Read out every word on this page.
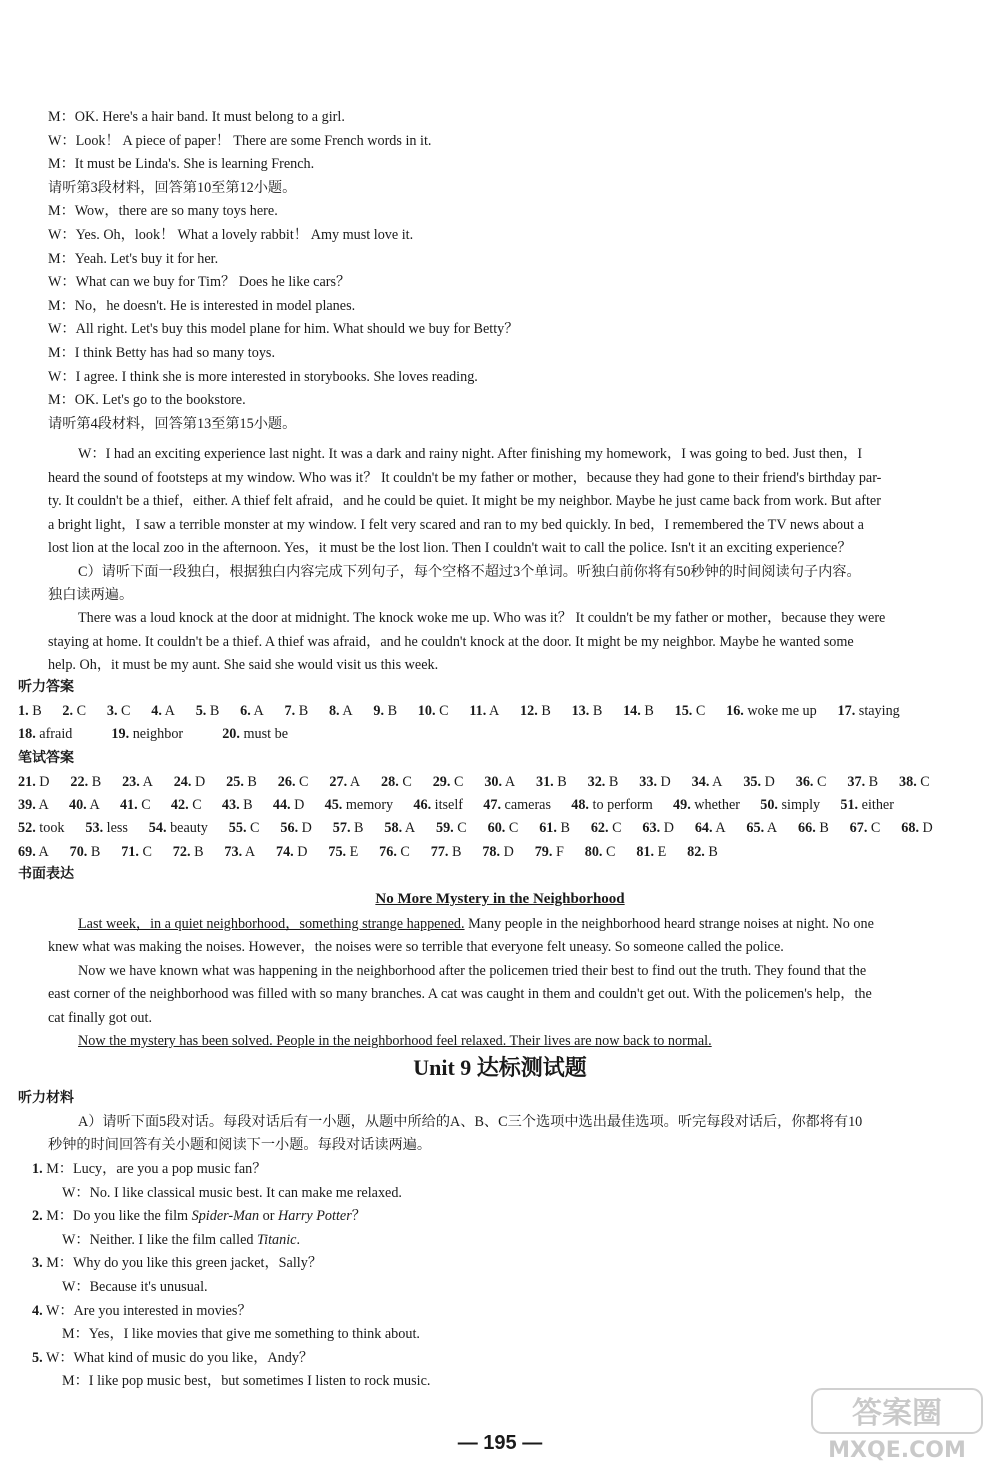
M：OK. Here's a hair band. It must belong to a girl.
W：Look！ A piece of paper！ There are some French words in it.
M：It must be Linda's. She is learning French.
请听第3段材料，回答第10至第12小题。
M：Wow，there are so many toys here.
W：Yes. Oh，look！ What a lovely rabbit！ Amy must love it.
M：Yeah. Let's buy it for her.
W：What can we buy for Tim？ Does he like cars？
M：No，he doesn't. He is interested in model planes.
W：All right. Let's buy this model plane for him. What should we buy for Betty？
M：I think Betty has had so many toys.
W：I agree. I think she is more interested in storybooks. She loves reading.
M：OK. Let's go to the bookstore.
请听第4段材料，回答第13至第15小题。
W：I had an exciting experience last night. It was a dark and rainy night. After finishing my homework，I was going to bed. Just then，I
heard the sound of footsteps at my window. Who was it？ It couldn't be my father or mother，because they had gone to their friend's birthday par-
ty. It couldn't be a thief，either. A thief felt afraid，and he could be quiet. It might be my neighbor. Maybe he just came back from work. But after
a bright light，I saw a terrible monster at my window. I felt very scared and ran to my bed quickly. In bed，I remembered the TV news about a
lost lion at the local zoo in the afternoon. Yes，it must be the lost lion. Then I couldn't wait to call the police. Isn't it an exciting experience？
C）请听下面一段独白，根据独白内容完成下列句子，每个空格不超过3个单词。听独白前你将有50秒钟的时间阅读句子内容。
独白读两遍。
There was a loud knock at the door at midnight. The knock woke me up. Who was it？ It couldn't be my father or mother，because they were
staying at home. It couldn't be a thief. A thief was afraid，and he couldn't knock at the door. It might be my neighbor. Maybe he wanted some
help. Oh，it must be my aunt. She said she would visit us this week.
听力答案
1. B 2. C 3. C 4. A 5. B 6. A 7. B 8. A 9. B 10. C 11. A 12. B 13. B 14. B 15. C 16. woke me up 17. staying
18. afraid	19. neighbor	20. must be
笔试答案
21. D 22. B 23. A 24. D 25. B 26. C 27. A 28. C 29. C 30. A 31. B 32. B 33. D 34. A 35. D 36. C 37. B 38. C
39. A 40. A 41. C 42. C 43. B 44. D 45. memory 46. itself 47. cameras 48. to perform 49. whether 50. simply 51. either
52. took 53. less 54. beauty 55. C 56. D 57. B 58. A 59. C 60. C 61. B 62. C 63. D 64. A 65. A 66. B 67. C 68. D
69. A 70. B 71. C 72. B 73. A 74. D 75. E 76. C 77. B 78. D 79. F 80. C 81. E 82. B
书面表达
No More Mystery in the Neighborhood
Last week，in a quiet neighborhood，something strange happened. Many people in the neighborhood heard strange noises at night. No one
knew what was making the noises. However，the noises were so terrible that everyone felt uneasy. So someone called the police.
Now we have known what was happening in the neighborhood after the policemen tried their best to find out the truth. They found that the
east corner of the neighborhood was filled with so many branches. A cat was caught in them and couldn't get out. With the policemen's help，the
cat finally got out.
Now the mystery has been solved. People in the neighborhood feel relaxed. Their lives are now back to normal.
Unit 9 达标测试题
听力材料
A）请听下面5段对话。每段对话后有一小题，从题中所给的A、B、C三个选项中选出最佳选项。听完每段对话后，你都将有10
秒钟的时间回答有关小题和阅读下一小题。每段对话读两遍。
1. M：Lucy，are you a pop music fan？
W：No. I like classical music best. It can make me relaxed.
2. M：Do you like the film Spider-Man or Harry Potter？
W：Neither. I like the film called Titanic.
3. M：Why do you like this green jacket，Sally？
W：Because it's unusual.
4. W：Are you interested in movies？
M：Yes，I like movies that give me something to think about.
5. W：What kind of music do you like，Andy？
M：I like pop music best，but sometimes I listen to rock music.
— 195 —
答案圈
MXQE.COM
